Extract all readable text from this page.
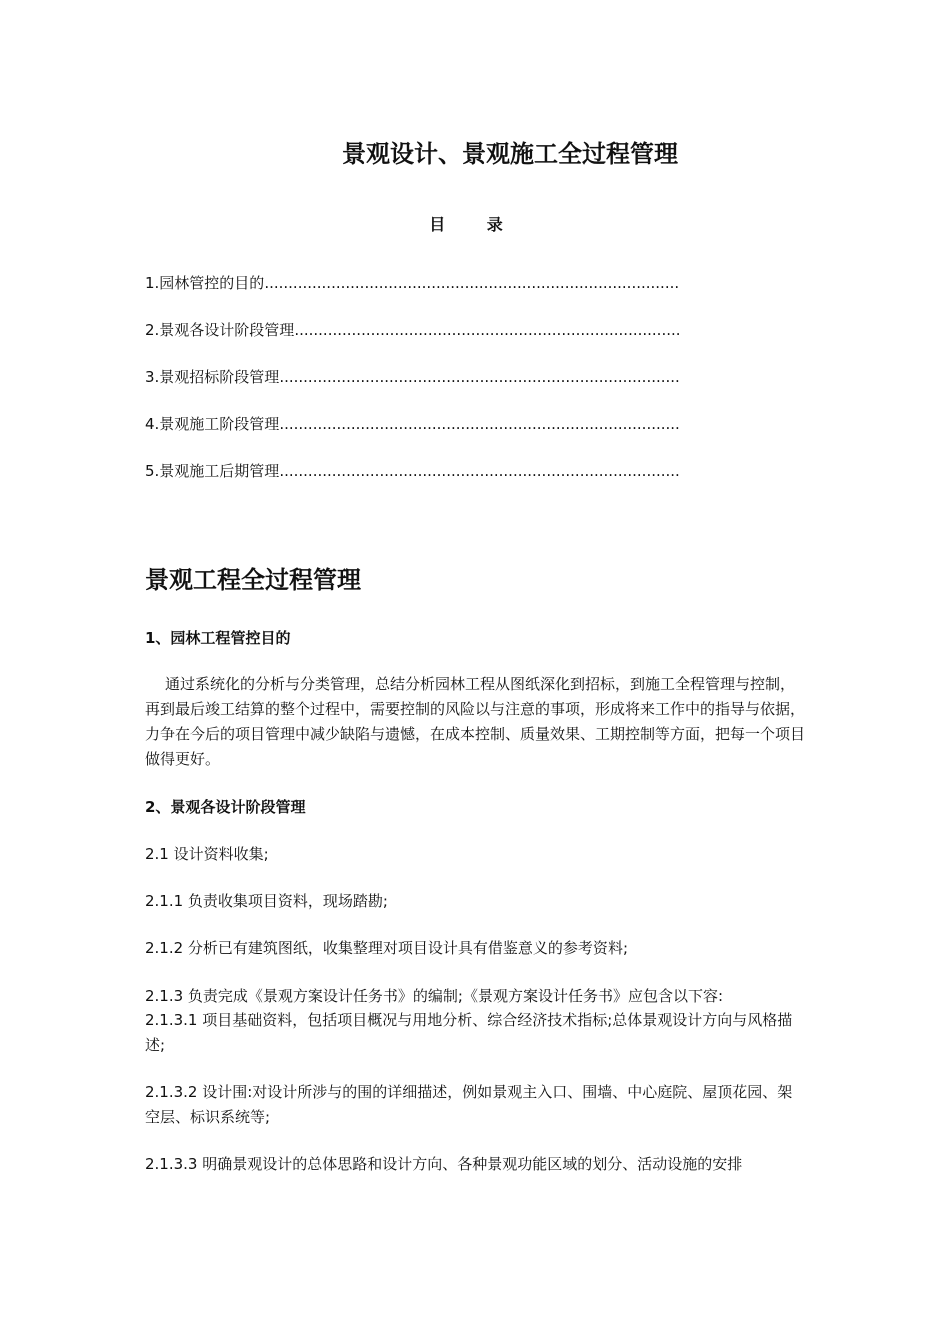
景观设计、景观施工全过程管理
目 录
1.园林管控的目的.......................................................................................
2.景观各设计阶段管理.................................................................................
3.景观招标阶段管理....................................................................................
4.景观施工阶段管理....................................................................................
5.景观施工后期管理....................................................................................
景观工程全过程管理
1、园林工程管控目的
通过系统化的分析与分类管理，总结分析园林工程从图纸深化到招标，到施工全程管理与控制，再到最后竣工结算的整个过程中，需要控制的风险以与注意的事项，形成将来工作中的指导与依据，力争在今后的项目管理中减少缺陷与遗憾，在成本控制、质量效果、工期控制等方面，把每一个项目做得更好。
2、景观各设计阶段管理
2.1 设计资料收集;
2.1.1 负责收集项目资料，现场踏勘;
2.1.2 分析已有建筑图纸，收集整理对项目设计具有借鉴意义的参考资料;
2.1.3 负责完成《景观方案设计任务书》的编制;《景观方案设计任务书》应包含以下容:
2.1.3.1 项目基础资料，包括项目概况与用地分析、综合经济技术指标;总体景观设计方向与风格描述;
2.1.3.2 设计围:对设计所涉与的围的详细描述，例如景观主入口、围墙、中心庭院、屋顶花园、架空层、标识系统等;
2.1.3.3 明确景观设计的总体思路和设计方向、各种景观功能区域的划分、活动设施的安排
